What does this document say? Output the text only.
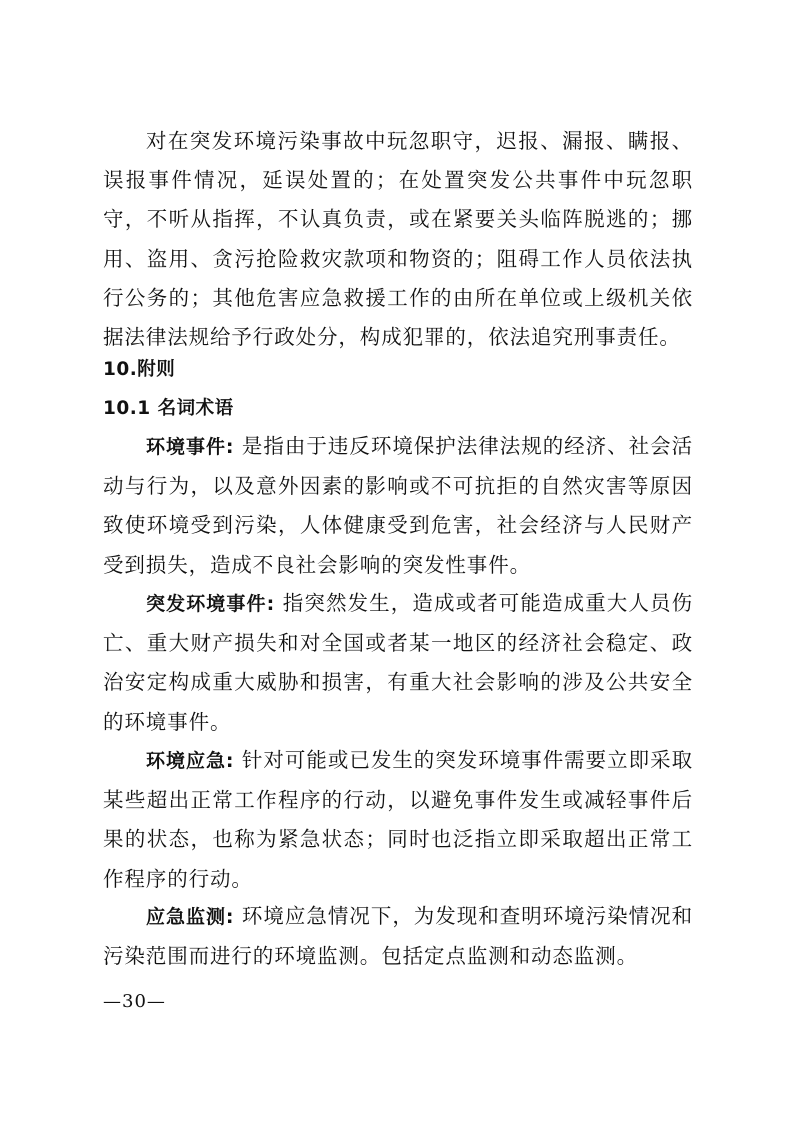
对在突发环境污染事故中玩忽职守，迟报、漏报、瞒报、误报事件情况，延误处置的；在处置突发公共事件中玩忽职守，不听从指挥，不认真负责，或在紧要关头临阵脱逃的；挪用、盗用、贪污抢险救灾款项和物资的；阻碍工作人员依法执行公务的；其他危害应急救援工作的由所在单位或上级机关依据法律法规给予行政处分，构成犯罪的，依法追究刑事责任。

10.附则
10.1 名词术语

环境事件: 是指由于违反环境保护法律法规的经济、社会活动与行为，以及意外因素的影响或不可抗拒的自然灾害等原因致使环境受到污染，人体健康受到危害，社会经济与人民财产受到损失，造成不良社会影响的突发性事件。

突发环境事件: 指突然发生，造成或者可能造成重大人员伤亡、重大财产损失和对全国或者某一地区的经济社会稳定、政治安定构成重大威胁和损害，有重大社会影响的涉及公共安全的环境事件。

环境应急: 针对可能或已发生的突发环境事件需要立即采取某些超出正常工作程序的行动，以避免事件发生或减轻事件后果的状态，也称为紧急状态；同时也泛指立即采取超出正常工作程序的行动。

应急监测: 环境应急情况下，为发现和查明环境污染情况和污染范围而进行的环境监测。包括定点监测和动态监测。

—30—
